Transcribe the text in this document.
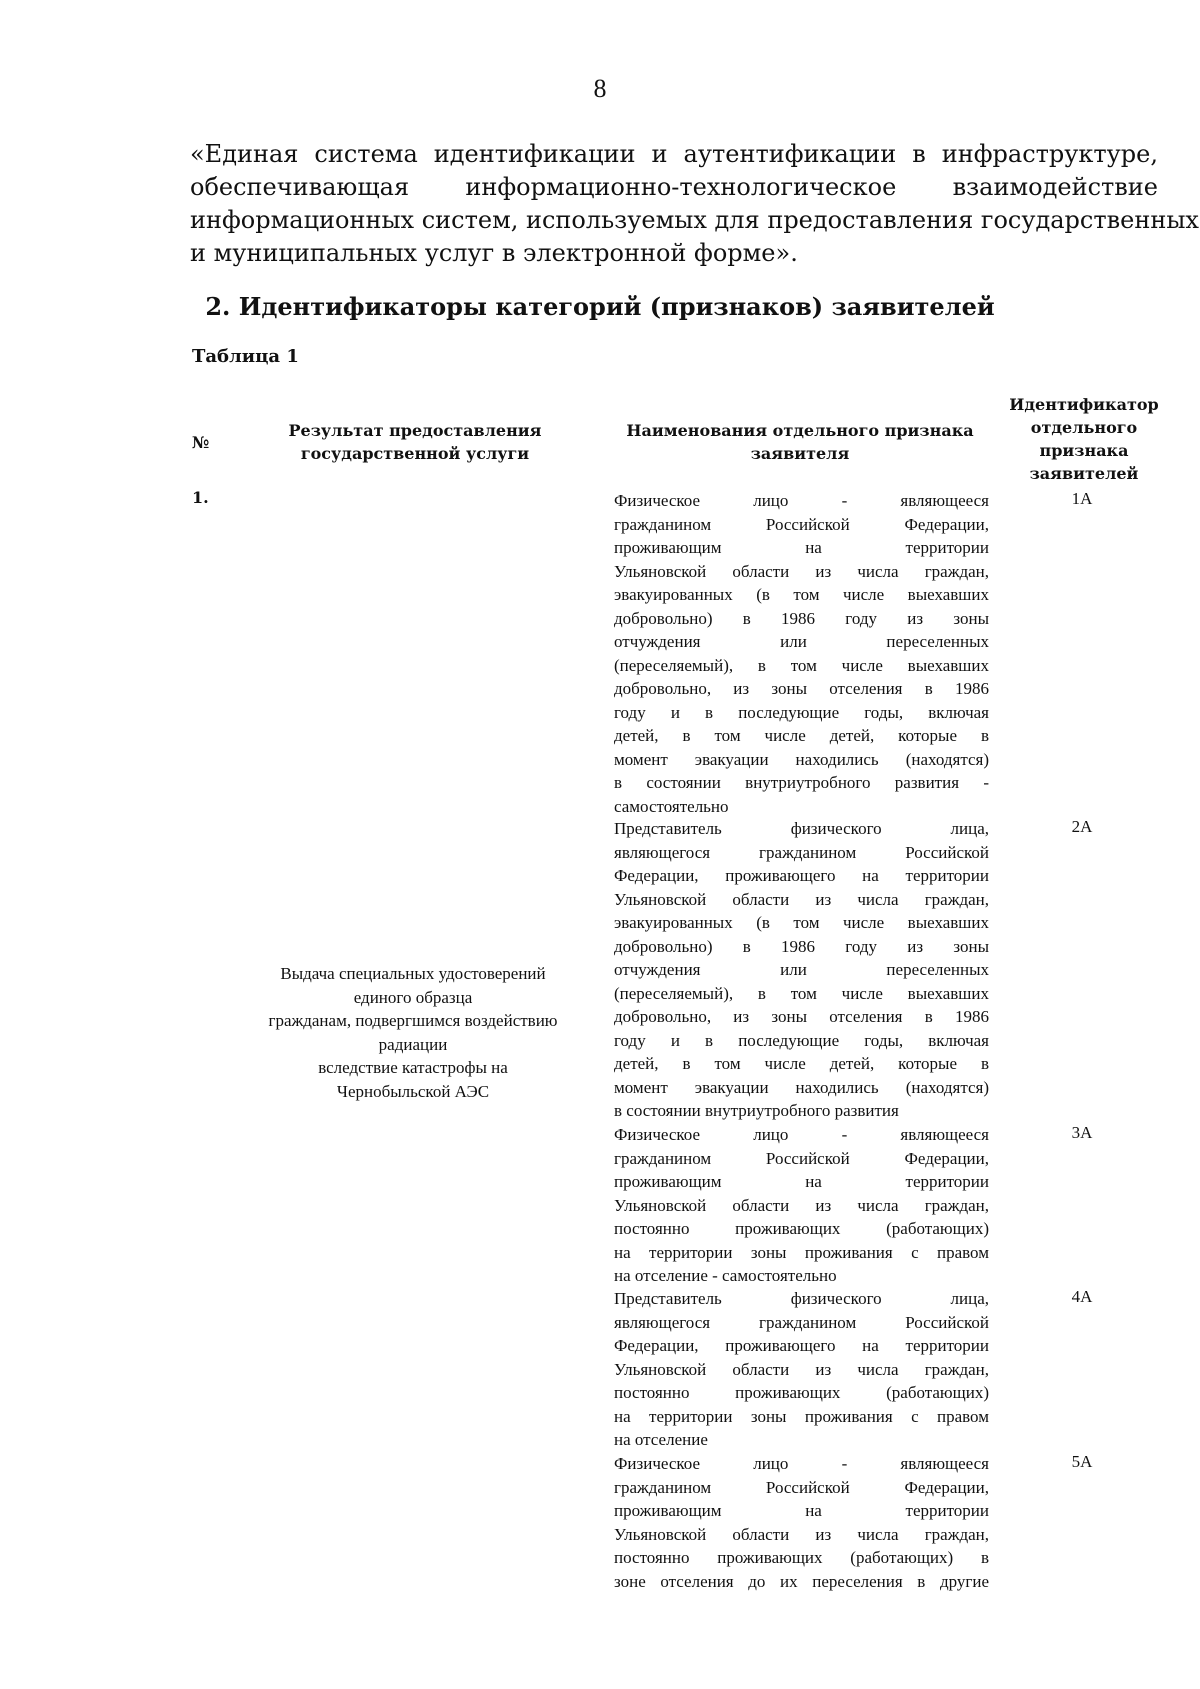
8
«Единая система идентификации и аутентификации в инфраструктуре,
обеспечивающая информационно-технологическое взаимодействие
информационных систем, используемых для предоставления государственных
и муниципальных услуг в электронной форме».
2. Идентификаторы категорий (признаков) заявителей
Таблица 1
№
Результат предоставления государственной услуги
Наименования отдельного признака заявителя
Идентификатор отдельного признака заявителей
1.
Выдача специальных удостоверений
единого образца
гражданам, подвергшимся воздействию
радиации
вследствие катастрофы на
Чернобыльской АЭС
Физическое лицо - являющееся
гражданином Российской Федерации,
проживающим на территории
Ульяновской области из числа граждан,
эвакуированных (в том числе выехавших
добровольно) в 1986 году из зоны
отчуждения или переселенных
(переселяемый), в том числе выехавших
добровольно, из зоны отселения в 1986
году и в последующие годы, включая
детей, в том числе детей, которые в
момент эвакуации находились (находятся)
в состоянии внутриутробного развития -
самостоятельно
1А
Представитель физического лица,
являющегося гражданином Российской
Федерации, проживающего на территории
Ульяновской области из числа граждан,
эвакуированных (в том числе выехавших
добровольно) в 1986 году из зоны
отчуждения или переселенных
(переселяемый), в том числе выехавших
добровольно, из зоны отселения в 1986
году и в последующие годы, включая
детей, в том числе детей, которые в
момент эвакуации находились (находятся)
в состоянии внутриутробного развития
2А
Физическое лицо - являющееся
гражданином Российской Федерации,
проживающим на территории
Ульяновской области из числа граждан,
постоянно проживающих (работающих)
на территории зоны проживания с правом
на отселение - самостоятельно
3А
Представитель физического лица,
являющегося гражданином Российской
Федерации, проживающего на территории
Ульяновской области из числа граждан,
постоянно проживающих (работающих)
на территории зоны проживания с правом
на отселение
4А
Физическое лицо - являющееся
гражданином Российской Федерации,
проживающим на территории
Ульяновской области из числа граждан,
постоянно проживающих (работающих) в
зоне отселения до их переселения в другие
5А
